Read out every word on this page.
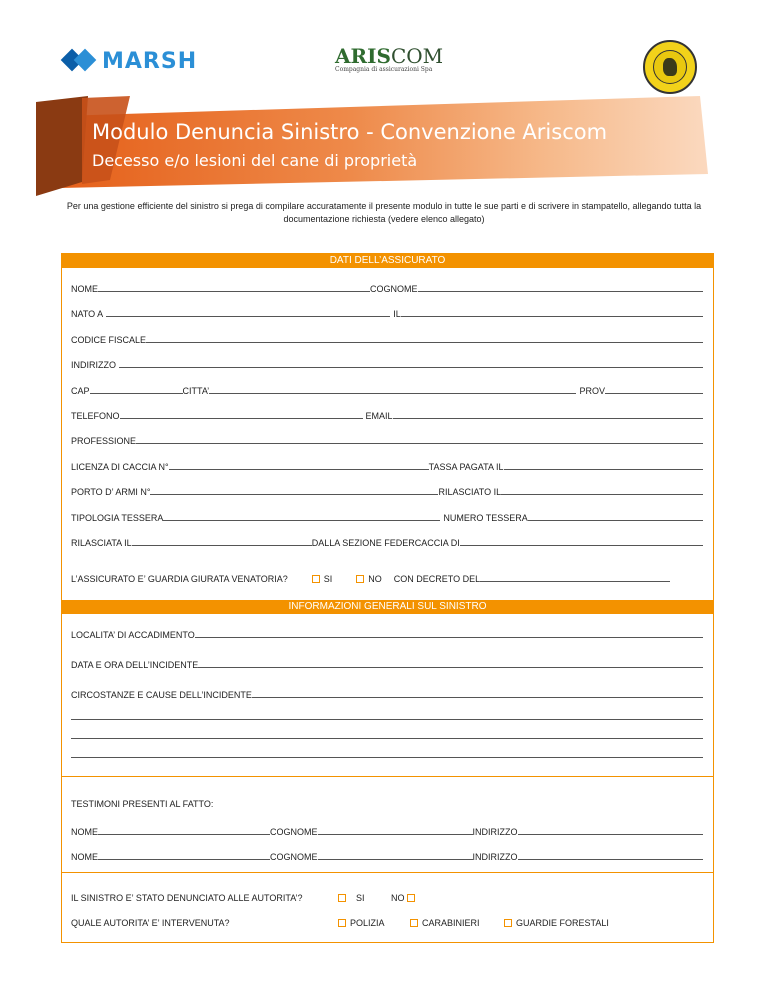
MARSH	ARISCOM
Compagnia di assicurazioni Spa
Modulo Denuncia Sinistro - Convenzione Ariscom
Decesso e/o lesioni del cane di proprietà
Per una gestione efficiente del sinistro si prega di compilare accuratamente il presente modulo in tutte le sue parti e di scrivere in stampatello, allegando tutta la documentazione richiesta (vedere elenco allegato)
DATI DELL’ASSICURATO
NOME	COGNOME
NATO A	IL
CODICE FISCALE
INDIRIZZO
CAP	CITTA’	PROV
TELEFONO	EMAIL
PROFESSIONE
LICENZA DI CACCIA N°	TASSA PAGATA IL
PORTO D’ ARMI N°	RILASCIATO IL
TIPOLOGIA TESSERA	NUMERO TESSERA
RILASCIATA IL	DALLA SEZIONE FEDERCACCIA DI
L’ASSICURATO E’ GUARDIA GIURATA VENATORIA?	SI	NO CON DECRETO DEL
INFORMAZIONI GENERALI SUL SINISTRO
LOCALITA’ DI ACCADIMENTO
DATA E ORA DELL’INCIDENTE
CIRCOSTANZE E CAUSE DELL’INCIDENTE
TESTIMONI PRESENTI AL FATTO:
NOME	COGNOME	INDIRIZZO
NOME	COGNOME	INDIRIZZO
IL SINISTRO E’ STATO DENUNCIATO ALLE AUTORITA’?	SI	NO
QUALE AUTORITA’ E’ INTERVENUTA?	POLIZIA	CARABINIERI	GUARDIE FORESTALI
